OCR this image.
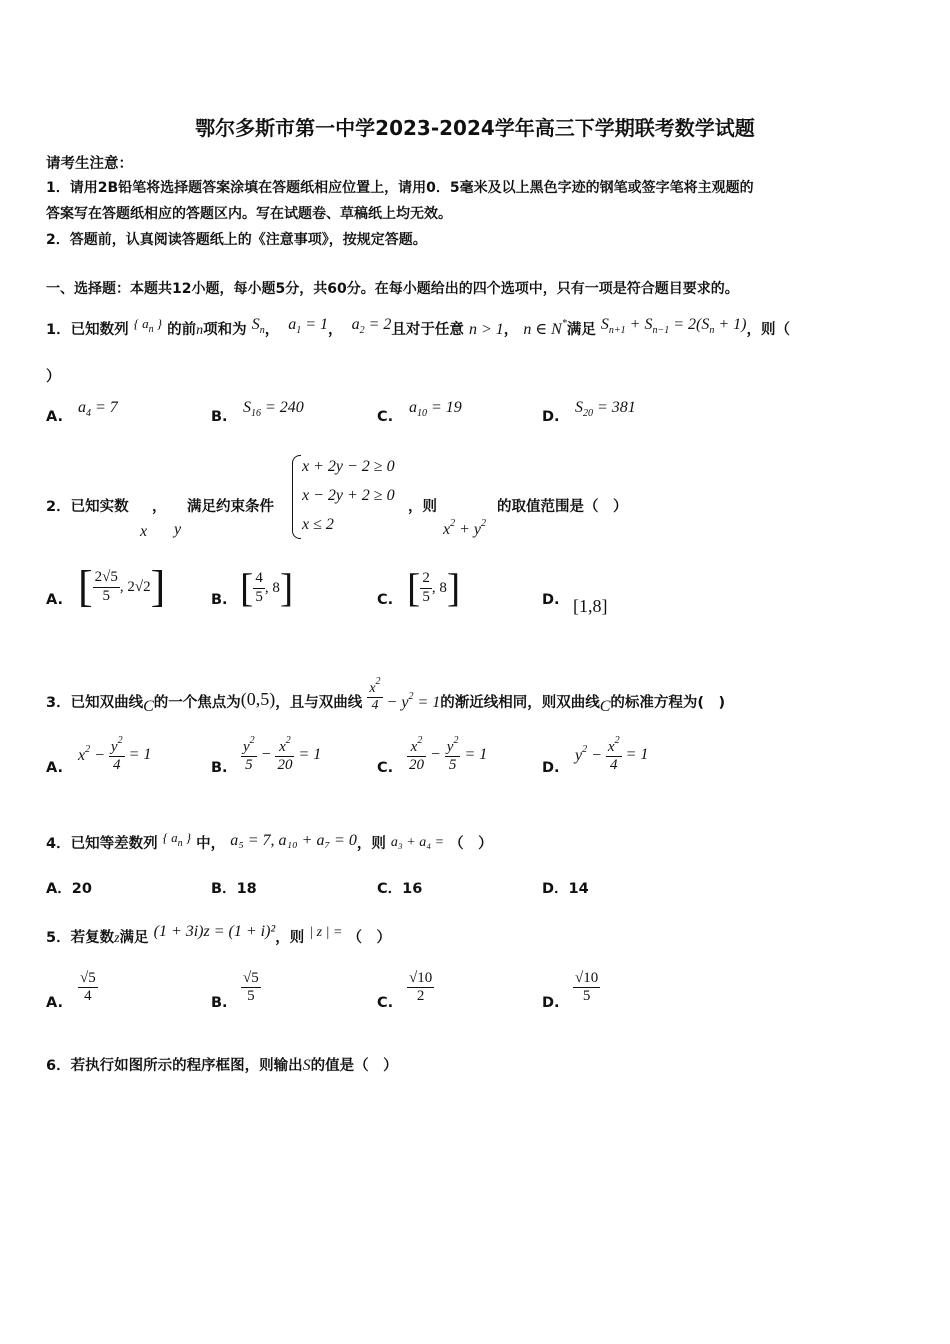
鄂尔多斯市第一中学2023-2024学年高三下学期联考数学试题
请考生注意：
1．请用2B铅笔将选择题答案涂填在答题纸相应位置上，请用0．5毫米及以上黑色字迹的钢笔或签字笔将主观题的
答案写在答题纸相应的答题区内。写在试题卷、草稿纸上均无效。
2．答题前，认真阅读答题纸上的《注意事项》，按规定答题。
一、选择题：本题共12小题，每小题5分，共60分。在每小题给出的四个选项中，只有一项是符合题目要求的。
1．已知数列 { $a_n$ } 的前n项和为 $S_n$，  $a_1 = 1$，  $a_2 = 2$且对于任意 n > 1， n ∈ N*满足 $S_{n+1} + S_{n-1} = 2(S_n + 1)$，则（
）
A.
$a_4 = 7$
B.
$S_{16} = 240$
C.
$a_{10} = 19$
D.
$S_{20} = 381$
2．已知实数 ， 满足约束条件
x y
x + 2y − 2 ≥ 0
x − 2y + 2 ≥ 0
x ≤ 2
，则
$x^2 + y^2$
的取值范围是（　）
A. [ $\frac{2√5}{5}$ , 2√2]	B. [ $\frac{4}{5}$ , 8]	C. [ $\frac{2}{5}$ , 8]	D. [1,8]
3．已知双曲线C的一个焦点为(0,5)，且与双曲线 $\frac{x^2}{4} - y^2 = 1$的渐近线相同，则双曲线C的标准方程为(　)
A.
$x^2 - \frac{y^2}{4} = 1$
B. $\frac{y^2}{5} - \frac{x^2}{20} = 1$
C. $\frac{x^2}{20} - \frac{y^2}{5} = 1$
D.
$y^2 - \frac{x^2}{4} = 1$
4．已知等差数列 { $a_n$ } 中， a₅ = 7, a₁₀ + a₇ = 0，则 a₃ + a₄ = （　）
A．20	B．18	C．16	D．14
5．若复数z满足 (1 + 3i)z = (1 + i)²，则 | z | = （　）
A. $\frac{√5}{4}$	B. $\frac{√5}{5}$	C. $\frac{√10}{2}$	D. $\frac{√10}{5}$
6．若执行如图所示的程序框图，则输出S的值是（　）
